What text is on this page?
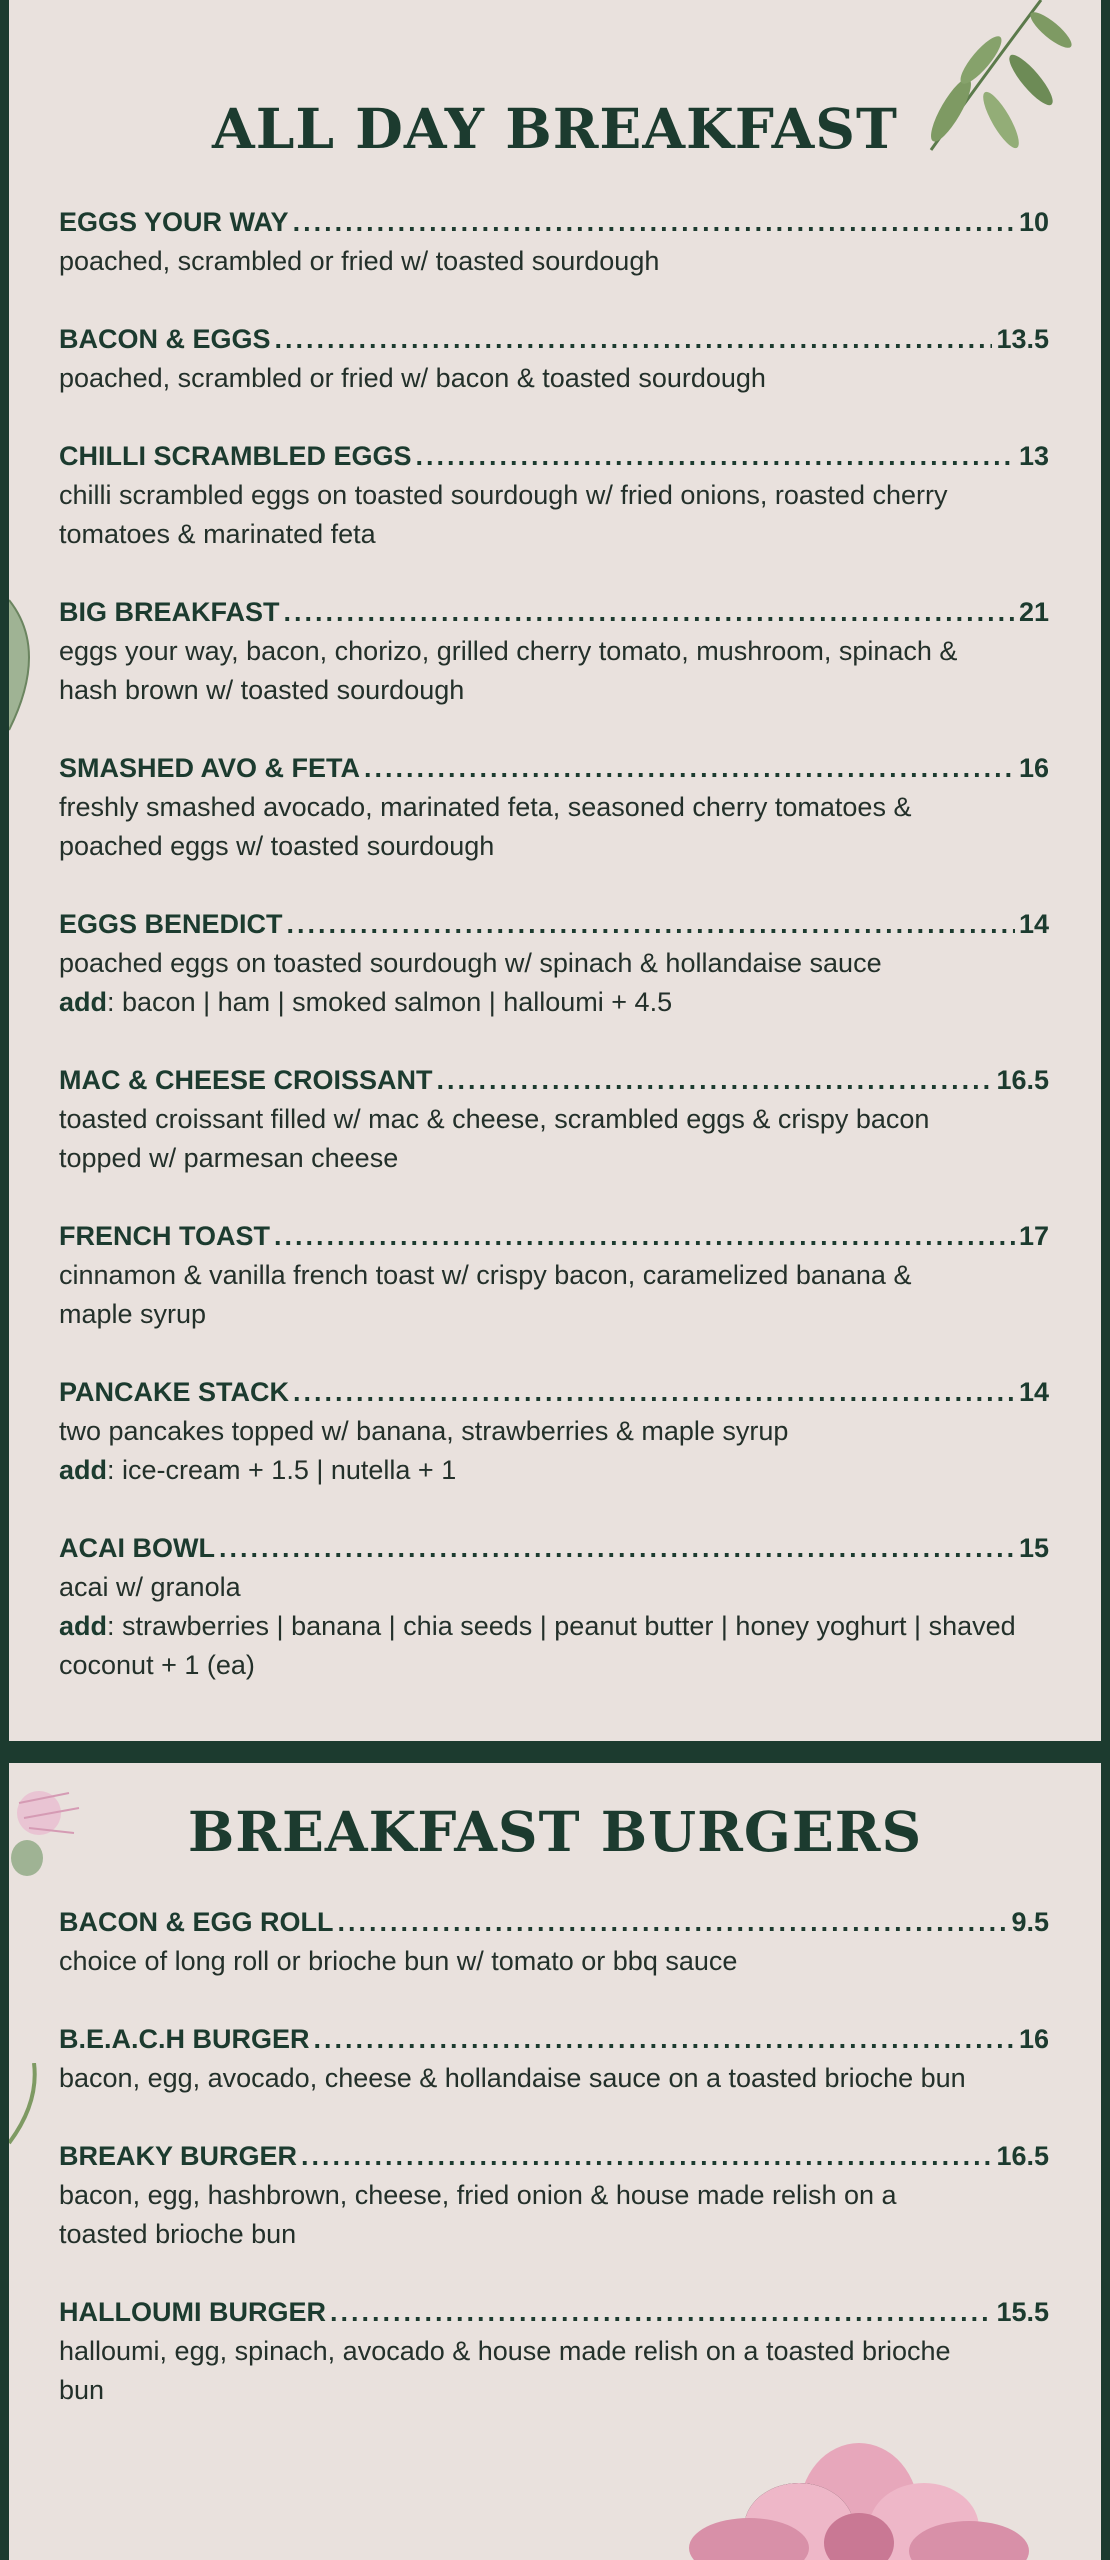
ALL DAY BREAKFAST
EGGS YOUR WAY .....	10
poached, scrambled or fried w/ toasted sourdough
BACON & EGGS .....	13.5
poached, scrambled or fried w/ bacon & toasted sourdough
CHILLI SCRAMBLED EGGS .....	13
chilli scrambled eggs on toasted sourdough w/ fried onions, roasted cherry tomatoes & marinated feta
BIG BREAKFAST .....	21
eggs your way, bacon, chorizo, grilled cherry tomato, mushroom, spinach & hash brown w/ toasted sourdough
SMASHED AVO & FETA .....	16
freshly smashed avocado, marinated feta, seasoned cherry tomatoes & poached eggs w/ toasted sourdough
EGGS BENEDICT .....	14
poached eggs on toasted sourdough w/ spinach & hollandaise sauce
add: bacon | ham | smoked salmon | halloumi + 4.5
MAC & CHEESE CROISSANT .....	16.5
toasted croissant filled w/ mac & cheese, scrambled eggs & crispy bacon topped w/ parmesan cheese
FRENCH TOAST .....	17
cinnamon & vanilla french toast w/ crispy bacon, caramelized banana & maple syrup
PANCAKE STACK .....	14
two pancakes topped w/ banana, strawberries & maple syrup
add: ice-cream + 1.5 | nutella + 1
ACAI BOWL .....	15
acai w/ granola
add: strawberries | banana | chia seeds | peanut butter | honey yoghurt | shaved coconut + 1 (ea)
BREAKFAST BURGERS
BACON & EGG ROLL .....	9.5
choice of long roll or brioche bun w/ tomato or bbq sauce
B.E.A.C.H BURGER .....	16
bacon, egg, avocado, cheese & hollandaise sauce on a toasted brioche bun
BREAKY BURGER .....	16.5
bacon, egg, hashbrown, cheese, fried onion & house made relish on a toasted brioche bun
HALLOUMI BURGER .....	15.5
halloumi, egg, spinach, avocado & house made relish on a toasted brioche bun
